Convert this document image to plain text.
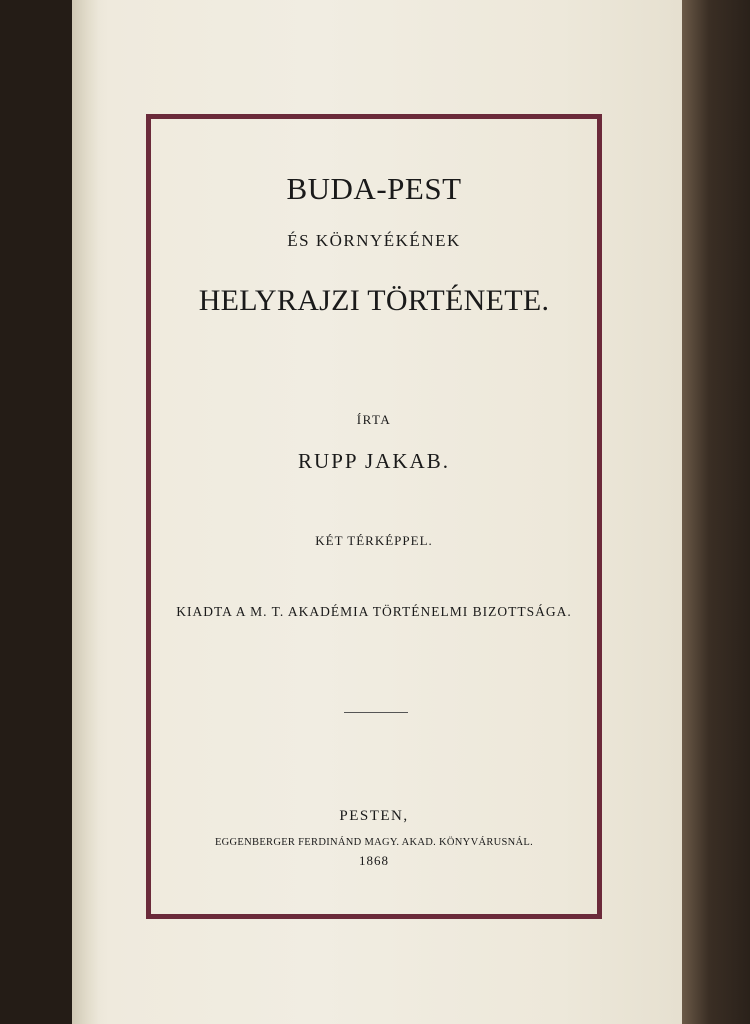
BUDA-PEST
ÉS KÖRNYÉKÉNEK
HELYRAJZI TÖRTÉNETE.
ÍRTA
RUPP JAKAB.
KÉT TÉRKÉPPEL.
KIADTA A M. T. AKADÉMIA TÖRTÉNELMI BIZOTTSÁGA.
PESTEN,
EGGENBERGER FERDINÁND MAGY. AKAD. KÖNYVÁRUSNÁL.
1868
